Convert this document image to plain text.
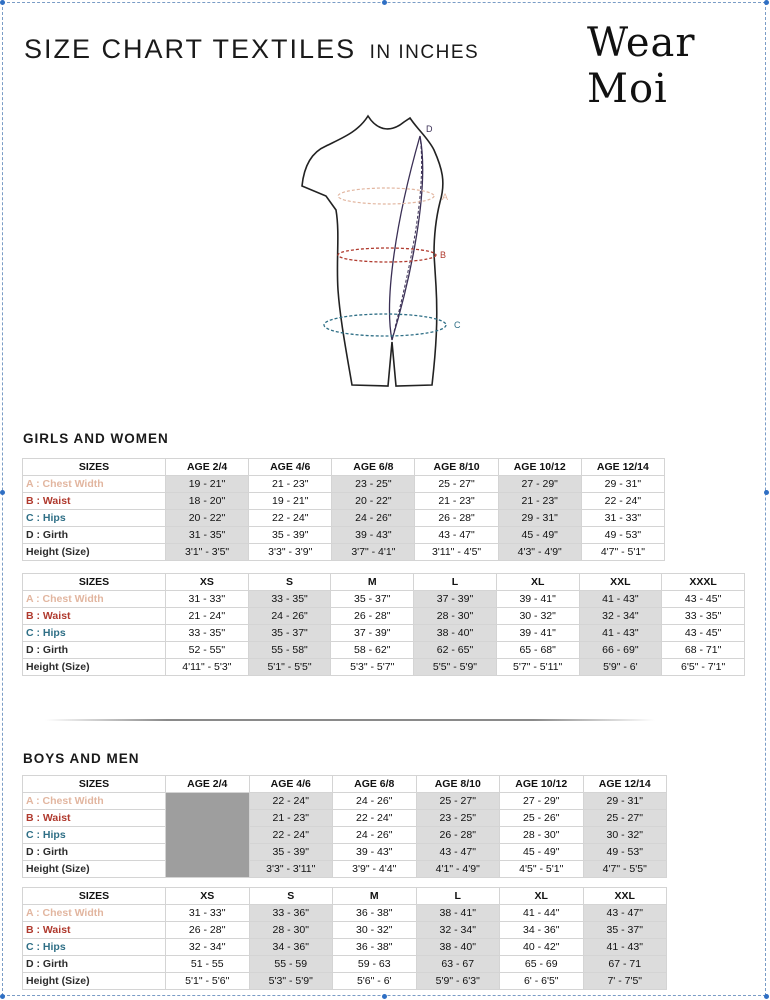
SIZE CHART TEXTILES IN INCHES	Wear Moi
D
A
B
C
GIRLS AND WOMEN
SIZES	AGE 2/4	AGE 4/6	AGE 6/8	AGE 8/10	AGE 10/12	AGE 12/14
A : Chest Width	19 - 21''	21 - 23"	23 - 25"	25 - 27"	27 - 29"	29 - 31"
B : Waist	18 - 20''	19 - 21"	20 - 22"	21 - 23"	21 - 23"	22 - 24"
C : Hips	20 - 22''	22 - 24"	24 - 26"	26 - 28"	29 - 31"	31 - 33"
D : Girth	31 - 35"	35 - 39"	39 - 43"	43 - 47"	45 - 49"	49 - 53"
Height (Size)	3'1" - 3'5"	3'3" - 3'9"	3'7" - 4'1"	3'11" - 4'5"	4'3" - 4'9"	4'7" - 5'1"
SIZES	XS	S	M	L	XL	XXL	XXXL
A : Chest Width	31 - 33''	33 - 35"	35 - 37"	37 - 39"	39 - 41"	41 - 43"	43 - 45"
B : Waist	21 - 24''	24 - 26"	26 - 28"	28 - 30"	30 - 32"	32 - 34"	33 - 35"
C : Hips	33 - 35''	35 - 37"	37 - 39"	38 - 40"	39 - 41"	41 - 43"	43 - 45"
D : Girth	52 - 55"	55 - 58"	58 - 62"	62 - 65"	65 - 68"	66 - 69"	68 - 71"
Height (Size)	4'11" - 5'3"	5'1" - 5'5"	5'3" - 5'7"	5'5" - 5'9"	5'7" - 5'11"	5'9" - 6'	6'5" - 7'1"
BOYS AND MEN
SIZES	AGE 2/4	AGE 4/6	AGE 6/8	AGE 8/10	AGE 10/12	AGE 12/14
A : Chest Width		22 - 24"	24 - 26"	25 - 27"	27 - 29"	29 - 31"
B : Waist		21 - 23"	22 - 24"	23 - 25"	25 - 26"	25 - 27"
C : Hips		22 - 24"	24 - 26"	26 - 28"	28 - 30"	30 - 32"
D : Girth		35 - 39"	39 - 43"	43 - 47"	45 - 49"	49 - 53"
Height (Size)		3'3" - 3'11"	3'9" - 4'4"	4'1" - 4'9"	4'5" - 5'1"	4'7" - 5'5"
SIZES	XS	S	M	L	XL	XXL
A : Chest Width	31 - 33''	33 - 36"	36 - 38"	38 - 41"	41 - 44"	43 - 47"
B : Waist	26 - 28''	28 - 30"	30 - 32"	32 - 34"	34 - 36"	35 - 37"
C : Hips	32 - 34''	34 - 36"	36 - 38"	38 - 40"	40 - 42"	41 - 43"
D : Girth	51 - 55	55 - 59	59 - 63	63 - 67	65 - 69	67 - 71
Height (Size)	5'1" - 5'6"	5'3" - 5'9"	5'6" - 6'	5'9" - 6'3"	6' - 6'5"	7' - 7'5"
